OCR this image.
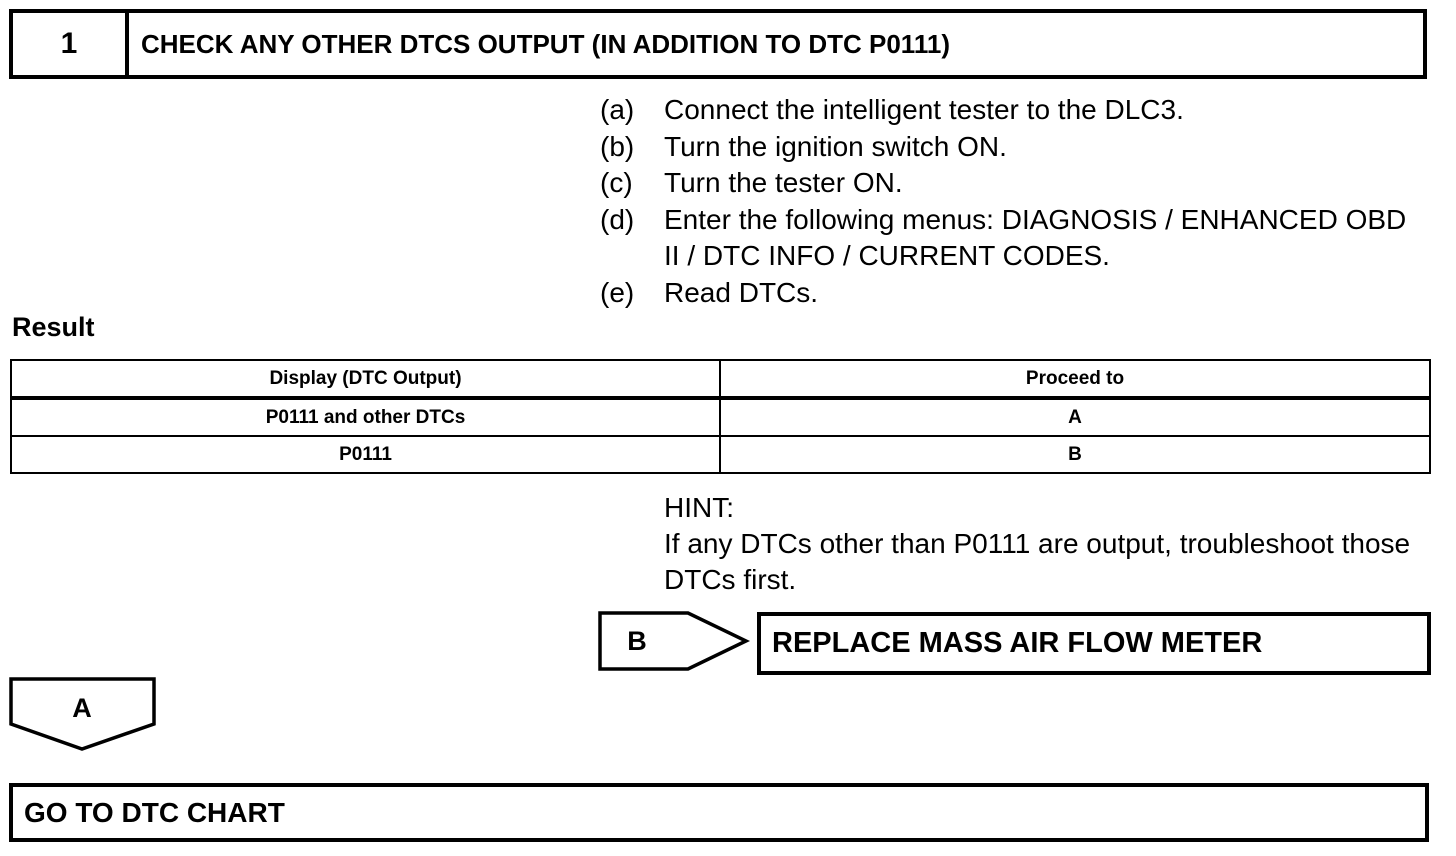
1	CHECK ANY OTHER DTCS OUTPUT (IN ADDITION TO DTC P0111)
(a)	Connect the intelligent tester to the DLC3.
(b)	Turn the ignition switch ON.
(c)	Turn the tester ON.
(d)	Enter the following menus: DIAGNOSIS / ENHANCED OBD II / DTC INFO / CURRENT CODES.
(e)	Read DTCs.
Result
Display (DTC Output)	Proceed to
P0111 and other DTCs	A
P0111	B
HINT:
If any DTCs other than P0111 are output, troubleshoot those DTCs first.
B	REPLACE MASS AIR FLOW METER
A
GO TO DTC CHART
